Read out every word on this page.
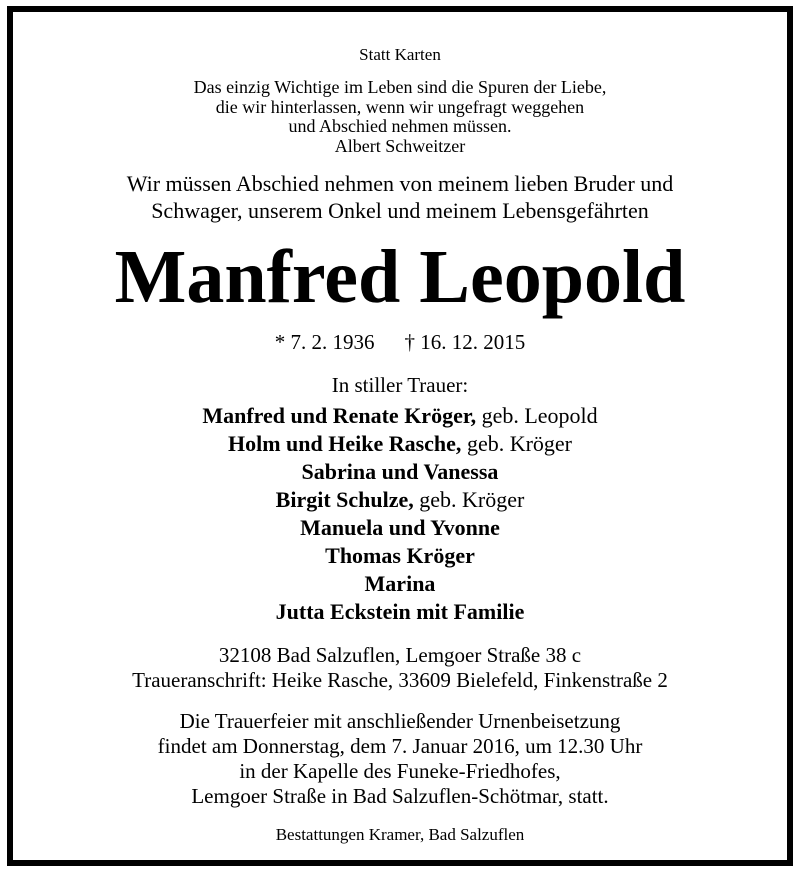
Statt Karten
Das einzig Wichtige im Leben sind die Spuren der Liebe,
die wir hinterlassen, wenn wir ungefragt weggehen
und Abschied nehmen müssen.
Albert Schweitzer
Wir müssen Abschied nehmen von meinem lieben Bruder und
Schwager, unserem Onkel und meinem Lebensgefährten
Manfred Leopold
* 7. 2. 1936 † 16. 12. 2015
In stiller Trauer:
Manfred und Renate Kröger, geb. Leopold
Holm und Heike Rasche, geb. Kröger
Sabrina und Vanessa
Birgit Schulze, geb. Kröger
Manuela und Yvonne
Thomas Kröger
Marina
Jutta Eckstein mit Familie
32108 Bad Salzuflen, Lemgoer Straße 38 c
Traueranschrift: Heike Rasche, 33609 Bielefeld, Finkenstraße 2
Die Trauerfeier mit anschließender Urnenbeisetzung
findet am Donnerstag, dem 7. Januar 2016, um 12.30 Uhr
in der Kapelle des Funeke-Friedhofes,
Lemgoer Straße in Bad Salzuflen-Schötmar, statt.
Bestattungen Kramer, Bad Salzuflen
